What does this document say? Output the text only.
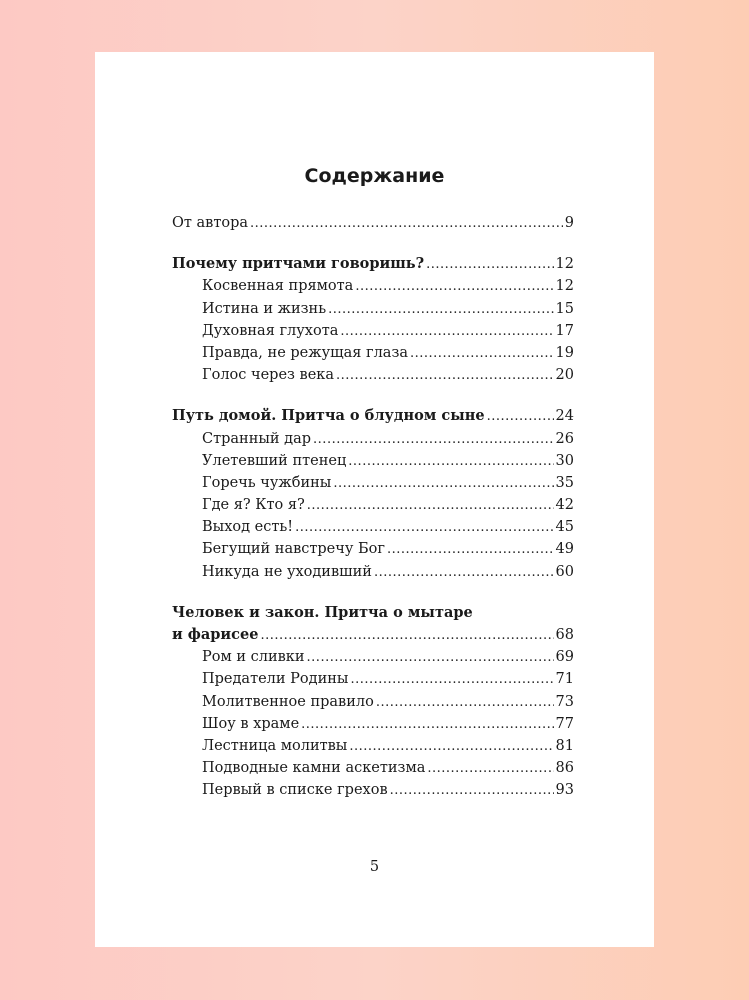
Содержание
От автора .....	9
Почему притчами говоришь? .....	12
Косвенная прямота .....	12
Истина и жизнь .....	15
Духовная глухота .....	17
Правда, не режущая глаза .....	19
Голос через века .....	20
Путь домой. Притча о блудном сыне .....	24
Странный дар .....	26
Улетевший птенец .....	30
Горечь чужбины .....	35
Где я? Кто я? .....	42
Выход есть! .....	45
Бегущий навстречу Бог .....	49
Никуда не уходивший .....	60
Человек и закон. Притча о мытаре
и фарисее .....	68
Ром и сливки .....	69
Предатели Родины .....	71
Молитвенное правило .....	73
Шоу в храме .....	77
Лестница молитвы .....	81
Подводные камни аскетизма .....	86
Первый в списке грехов .....	93
5
